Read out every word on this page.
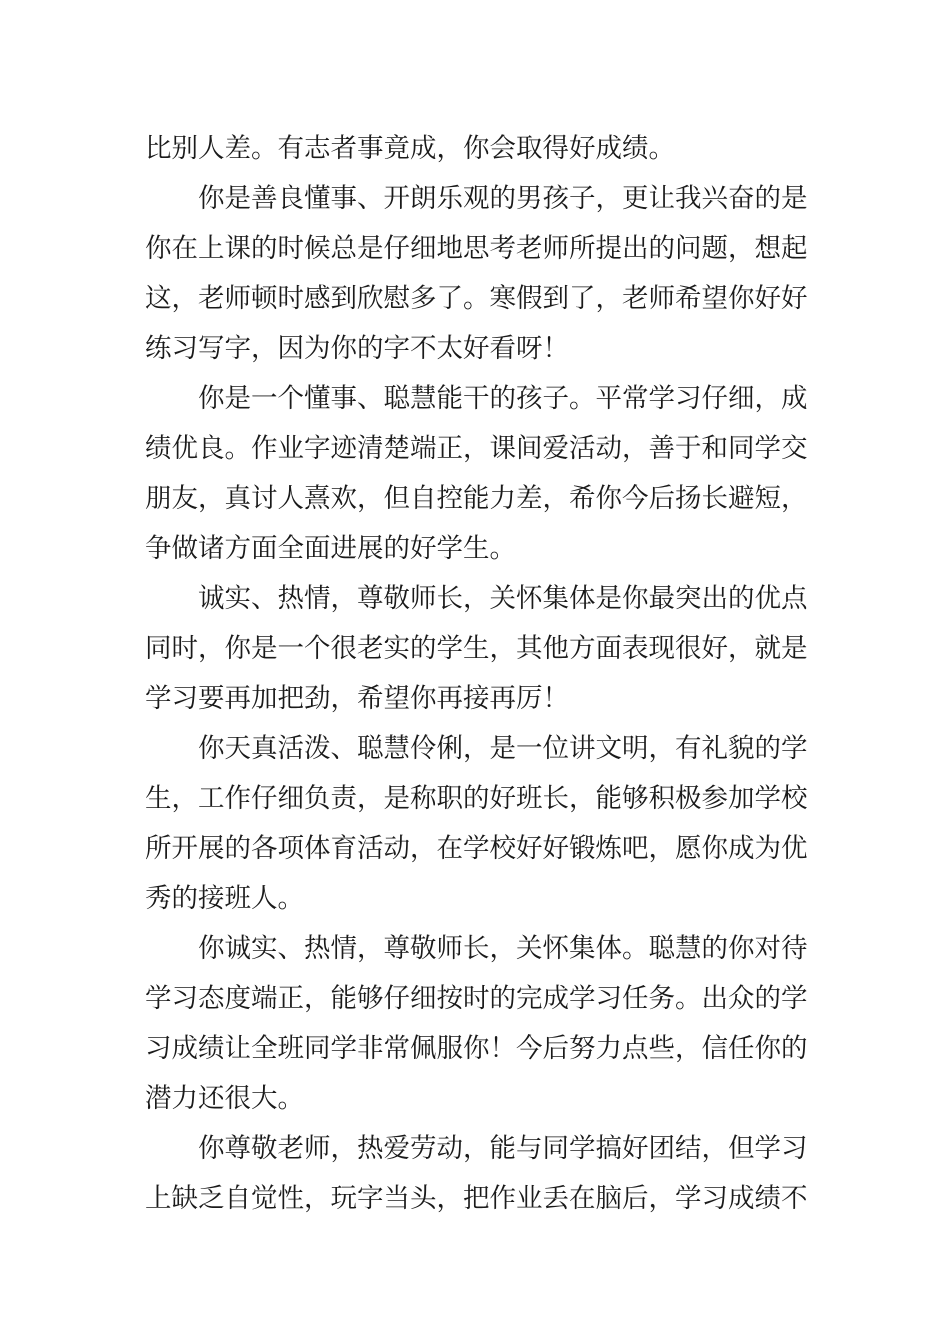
比别人差。有志者事竟成，你会取得好成绩。
你是善良懂事、开朗乐观的男孩子，更让我兴奋的是
你在上课的时候总是仔细地思考老师所提出的问题，想起
这，老师顿时感到欣慰多了。寒假到了，老师希望你好好
练习写字，因为你的字不太好看呀！
你是一个懂事、聪慧能干的孩子。平常学习仔细，成
绩优良。作业字迹清楚端正，课间爱活动，善于和同学交
朋友，真讨人熹欢，但自控能力差，希你今后扬长避短，
争做诸方面全面进展的好学生。
诚实、热情，尊敬师长，关怀集体是你最突出的优点
同时，你是一个很老实的学生，其他方面表现很好，就是
学习要再加把劲，希望你再接再厉！
你天真活泼、聪慧伶俐，是一位讲文明，有礼貌的学
生，工作仔细负责，是称职的好班长，能够积极参加学校
所开展的各项体育活动，在学校好好锻炼吧，愿你成为优
秀的接班人。
你诚实、热情，尊敬师长，关怀集体。聪慧的你对待
学习态度端正，能够仔细按时的完成学习任务。出众的学
习成绩让全班同学非常佩服你！今后努力点些，信任你的
潜力还很大。
你尊敬老师，热爱劳动，能与同学搞好团结，但学习
上缺乏自觉性，玩字当头，把作业丢在脑后，学习成绩不
